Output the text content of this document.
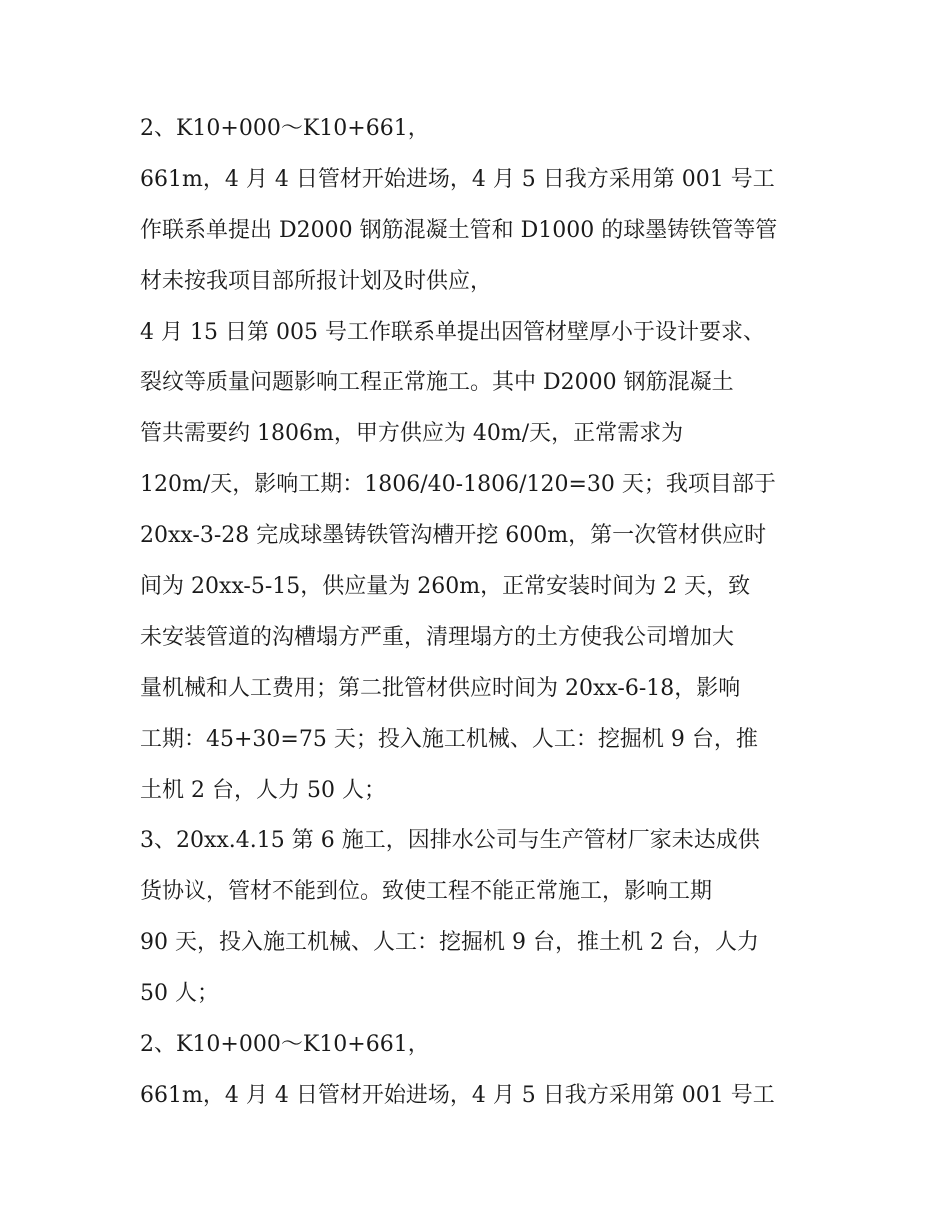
2、K10+000～K10+661，
661m，4 月 4 日管材开始进场，4 月 5 日我方采用第 001 号工
作联系单提出 D2000 钢筋混凝土管和 D1000 的球墨铸铁管等管
材未按我项目部所报计划及时供应，
4 月 15 日第 005 号工作联系单提出因管材壁厚小于设计要求、
裂纹等质量问题影响工程正常施工。其中 D2000 钢筋混凝土
管共需要约 1806m，甲方供应为 40m/天，正常需求为
120m/天，影响工期：1806/40-1806/120=30 天；我项目部于
20xx-3-28 完成球墨铸铁管沟槽开挖 600m，第一次管材供应时
间为 20xx-5-15，供应量为 260m，正常安装时间为 2 天，致
未安装管道的沟槽塌方严重，清理塌方的土方使我公司增加大
量机械和人工费用；第二批管材供应时间为 20xx-6-18，影响
工期：45+30=75 天；投入施工机械、人工：挖掘机 9 台，推
土机 2 台，人力 50 人；
3、20xx.4.15 第 6 施工，因排水公司与生产管材厂家未达成供
货协议，管材不能到位。致使工程不能正常施工，影响工期
90 天，投入施工机械、人工：挖掘机 9 台，推土机 2 台，人力
50 人；
2、K10+000～K10+661，
661m，4 月 4 日管材开始进场，4 月 5 日我方采用第 001 号工
